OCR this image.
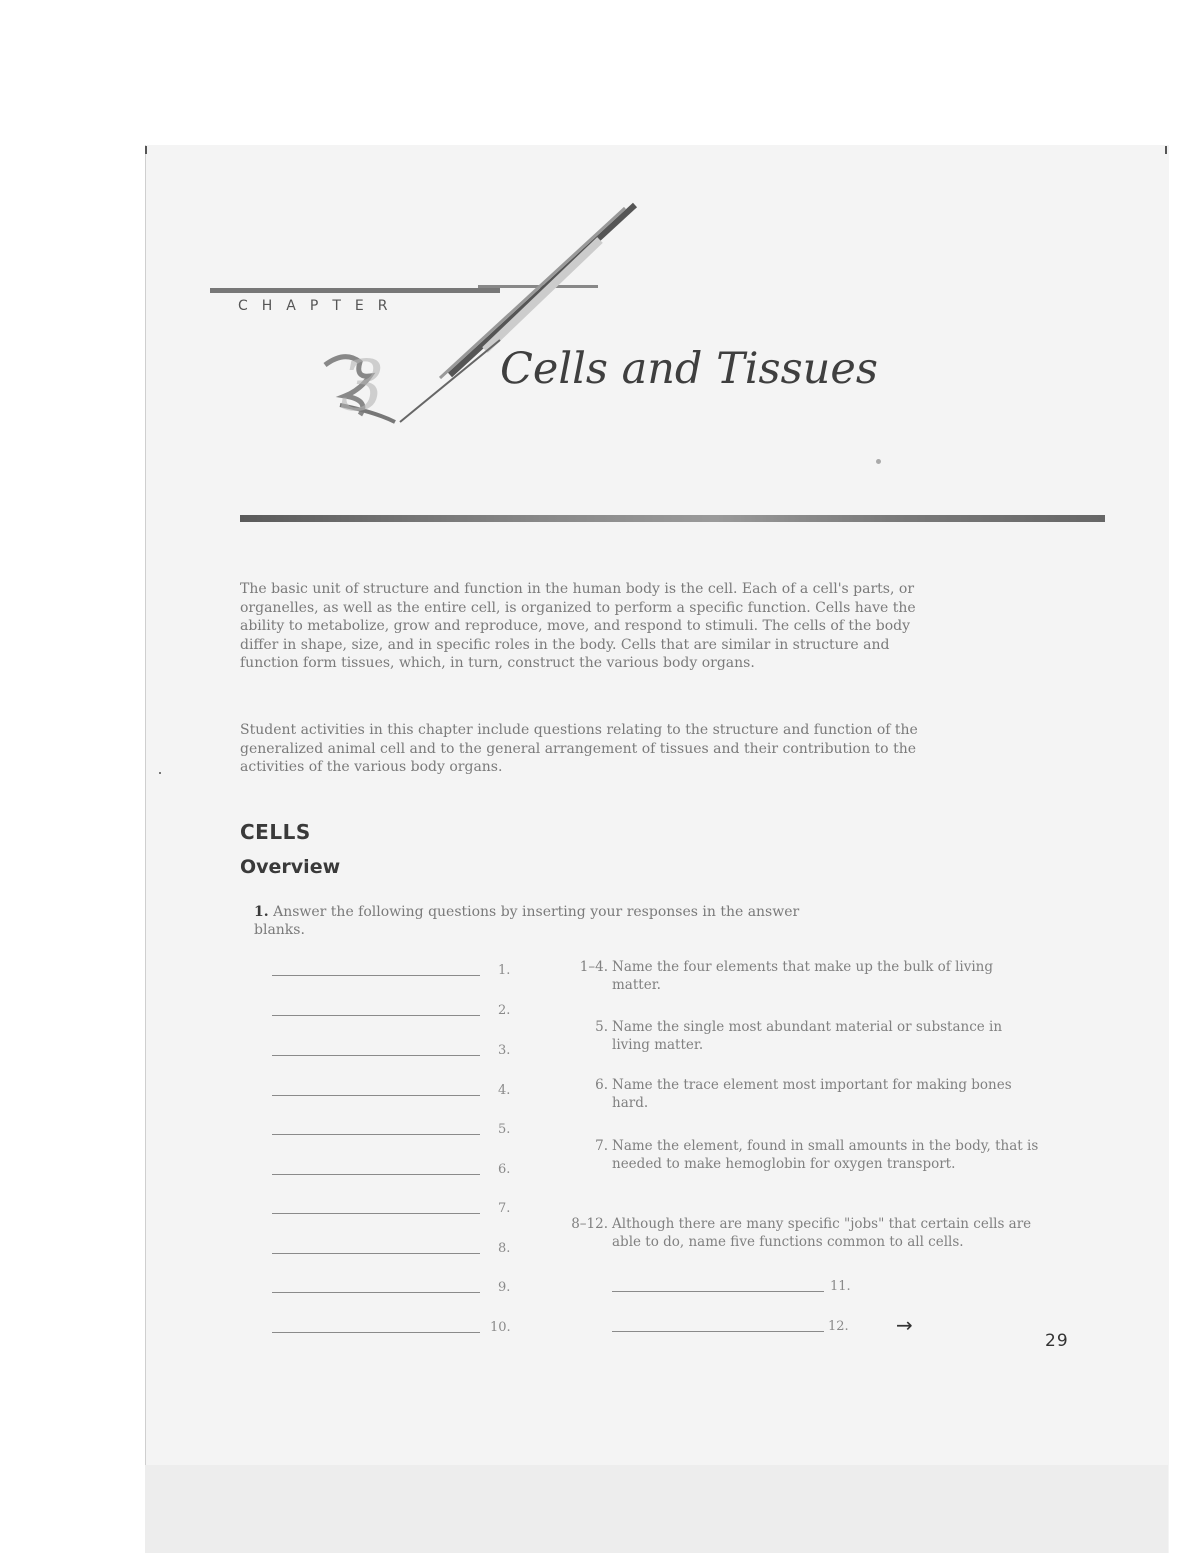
CHAPTER
3	Cells and Tissues

The basic unit of structure and function in the human body is the cell. Each of a cell's parts, or organelles, as well as the entire cell, is organized to perform a specific function. Cells have the ability to metabolize, grow and reproduce, move, and respond to stimuli. The cells of the body differ in shape, size, and in specific roles in the body. Cells that are similar in structure and function form tissues, which, in turn, construct the various body organs.

Student activities in this chapter include questions relating to the structure and function of the generalized animal cell and to the general arrangement of tissues and their contribution to the activities of the various body organs.

CELLS
Overview

1. Answer the following questions by inserting your responses in the answer blanks.

1.
2.
3.
4.
5.
6.
7.
8.
9.
10.
1–4. Name the four elements that make up the bulk of living matter.
5. Name the single most abundant material or substance in living matter.
6. Name the trace element most important for making bones hard.
7. Name the element, found in small amounts in the body, that is needed to make hemoglobin for oxygen transport.
8–12. Although there are many specific "jobs" that certain cells are able to do, name five functions common to all cells.
11.
12. →
29
